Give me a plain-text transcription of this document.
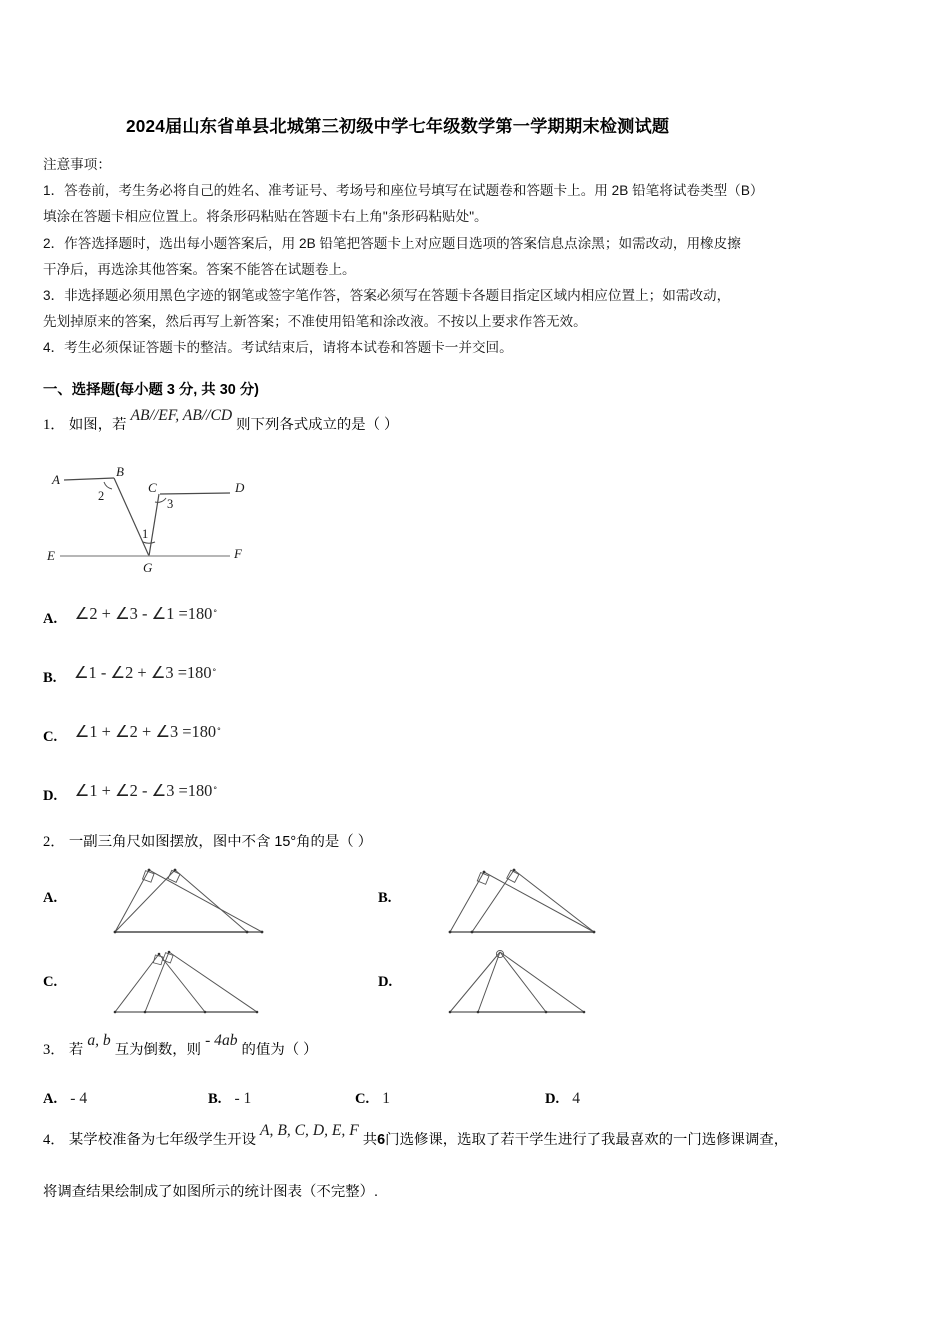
2024届山东省单县北城第三初级中学七年级数学第一学期期末检测试题
注意事项：
1．答卷前，考生务必将自己的姓名、准考证号、考场号和座位号填写在试题卷和答题卡上。用 2B 铅笔将试卷类型（B）
填涂在答题卡相应位置上。将条形码粘贴在答题卡右上角"条形码粘贴处"。
2．作答选择题时，选出每小题答案后，用 2B 铅笔把答题卡上对应题目选项的答案信息点涂黑；如需改动，用橡皮擦
干净后，再选涂其他答案。答案不能答在试题卷上。
3．非选择题必须用黑色字迹的钢笔或签字笔作答，答案必须写在答题卡各题目指定区域内相应位置上；如需改动，
先划掉原来的答案，然后再写上新答案；不准使用铅笔和涂改液。不按以上要求作答无效。
4．考生必须保证答题卡的整洁。考试结束后，请将本试卷和答题卡一并交回。
一、选择题(每小题 3 分, 共 30 分)
1． 如图，若 AB//EF, AB//CD 则下列各式成立的是（ ）
A
B
C	D
E	F
G
2
3
1
A. ∠2 + ∠3 - ∠1 =180°
B. ∠1 - ∠2 + ∠3 =180°
C. ∠1 + ∠2 + ∠3 =180°
D. ∠1 + ∠2 - ∠3 =180°
2． 一副三角尺如图摆放，图中不含 15°角的是（ ）
A.	B.
C.	D.
3． 若 a, b 互为倒数，则 - 4ab 的值为（ ）
A. - 4	B. - 1	C. 1	D. 4
4． 某学校准备为七年级学生开设 A, B, C, D, E, F 共6门选修课，选取了若干学生进行了我最喜欢的一门选修课调查，
将调查结果绘制成了如图所示的统计图表（不完整）.
